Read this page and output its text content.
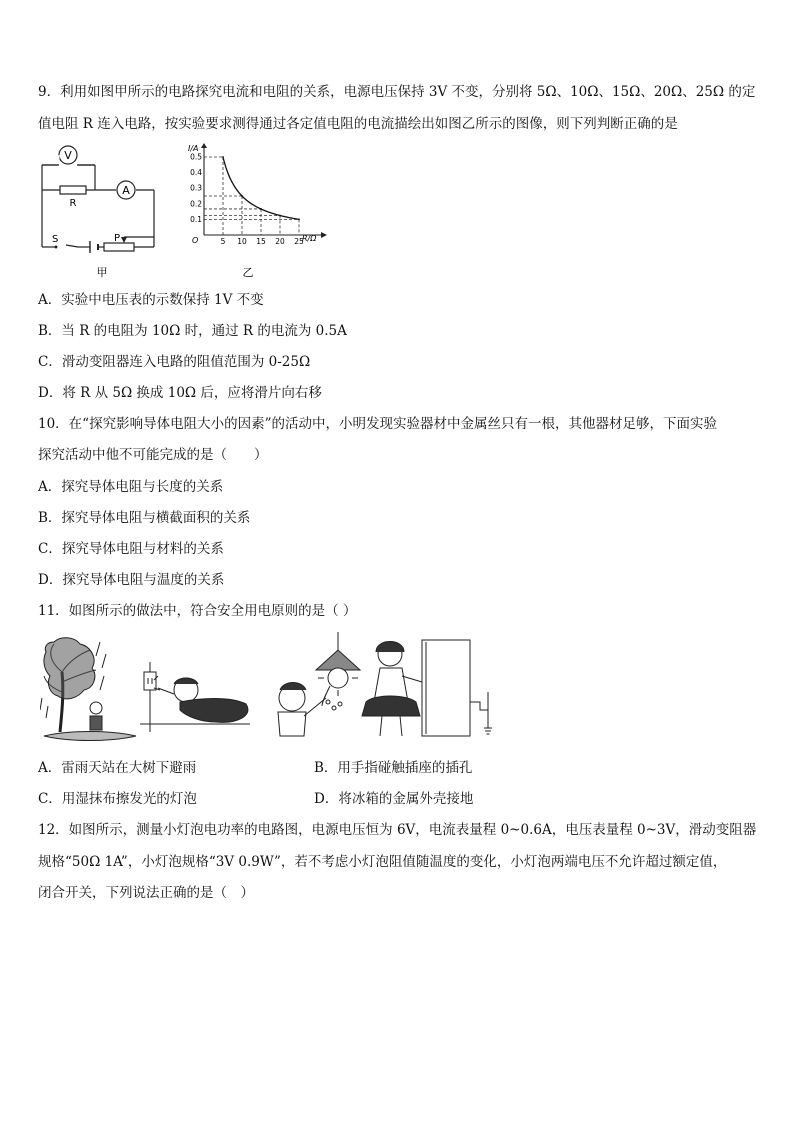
9．利用如图甲所示的电路探究电流和电阻的关系，电源电压保持 3V 不变，分别将 5Ω、10Ω、15Ω、20Ω、25Ω 的定
值电阻 R 连入电路，按实验要求测得通过各定值电阻的电流描绘出如图乙所示的图像，则下列判断正确的是
V
R
A
S	P
甲
I/A
R/Ω
O	5 10 15 20 25
0.1
0.2
0.3
0.4
0.5
乙
A．实验中电压表的示数保持 1V 不变
B．当 R 的电阻为 10Ω 时，通过 R 的电流为 0.5A
C．滑动变阻器连入电路的阻值范围为 0-25Ω
D．将 R 从 5Ω 换成 10Ω 后，应将滑片向右移
10．在“探究影响导体电阻大小的因素”的活动中，小明发现实验器材中金属丝只有一根，其他器材足够，下面实验
探究活动中他不可能完成的是（　　）
A．探究导体电阻与长度的关系
B．探究导体电阻与横截面积的关系
C．探究导体电阻与材料的关系
D．探究导体电阻与温度的关系
11．如图所示的做法中，符合安全用电原则的是（ ）
A．雷雨天站在大树下避雨	B．用手指碰触插座的插孔
C．用湿抹布擦发光的灯泡	D．将冰箱的金属外壳接地
12．如图所示，测量小灯泡电功率的电路图，电源电压恒为 6V，电流表量程 0~0.6A，电压表量程 0~3V，滑动变阻器
规格“50Ω 1A”，小灯泡规格“3V 0.9W”，若不考虑小灯泡阻值随温度的变化，小灯泡两端电压不允许超过额定值，
闭合开关，下列说法正确的是（　）
